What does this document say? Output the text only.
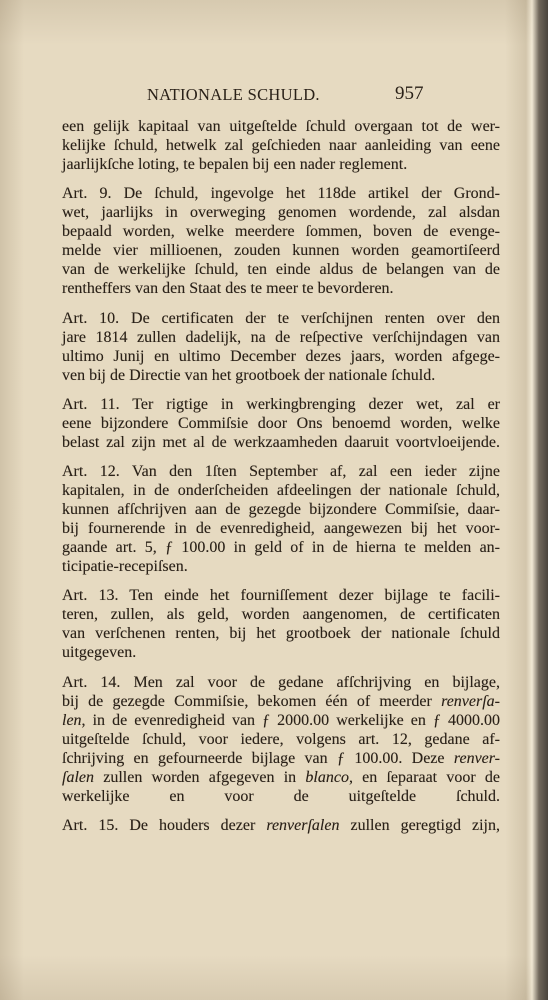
NATIONALE SCHULD.	957
een gelijk kapitaal van uitgeſtelde ſchuld overgaan tot de wer-
kelijke ſchuld, hetwelk zal geſchieden naar aanleiding van eene
jaarlijkſche loting, te bepalen bij een nader reglement.
Art. 9. De ſchuld, ingevolge het 118de artikel der Grond-
wet, jaarlijks in overweging genomen wordende, zal alsdan
bepaald worden, welke meerdere ſommen, boven de evenge-
melde vier millioenen, zouden kunnen worden geamortiſeerd
van de werkelijke ſchuld, ten einde aldus de belangen van de
rentheffers van den Staat des te meer te bevorderen.
Art. 10. De certificaten der te verſchijnen renten over den
jare 1814 zullen dadelijk, na de reſpective verſchijndagen van
ultimo Junij en ultimo December dezes jaars, worden afgege-
ven bij de Directie van het grootboek der nationale ſchuld.
Art. 11. Ter rigtige in werkingbrenging dezer wet, zal er
eene bijzondere Commiſsie door Ons benoemd worden, welke
belast zal zijn met al de werkzaamheden daaruit voortvloeijende.
Art. 12. Van den 1ſten September af, zal een ieder zijne
kapitalen, in de onderſcheiden afdeelingen der nationale ſchuld,
kunnen afſchrijven aan de gezegde bijzondere Commiſsie, daar-
bij fournerende in de evenredigheid, aangewezen bij het voor-
gaande art. 5, ƒ 100.00 in geld of in de hierna te melden an-
ticipatie-recepiſsen.
Art. 13. Ten einde het fourniſſement dezer bijlage te facili-
teren, zullen, als geld, worden aangenomen, de certificaten
van verſchenen renten, bij het grootboek der nationale ſchuld
uitgegeven.
Art. 14. Men zal voor de gedane afſchrijving en bijlage,
bij de gezegde Commiſsie, bekomen één of meerder renverſa-
len, in de evenredigheid van ƒ 2000.00 werkelijke en ƒ 4000.00
uitgeſtelde ſchuld, voor iedere, volgens art. 12, gedane af-
ſchrijving en gefourneerde bijlage van ƒ 100.00. Deze renver-
ſalen zullen worden afgegeven in blanco, en ſeparaat voor de
werkelijke en voor de uitgeſtelde ſchuld.
Art. 15. De houders dezer renverſalen zullen geregtigd zijn,
